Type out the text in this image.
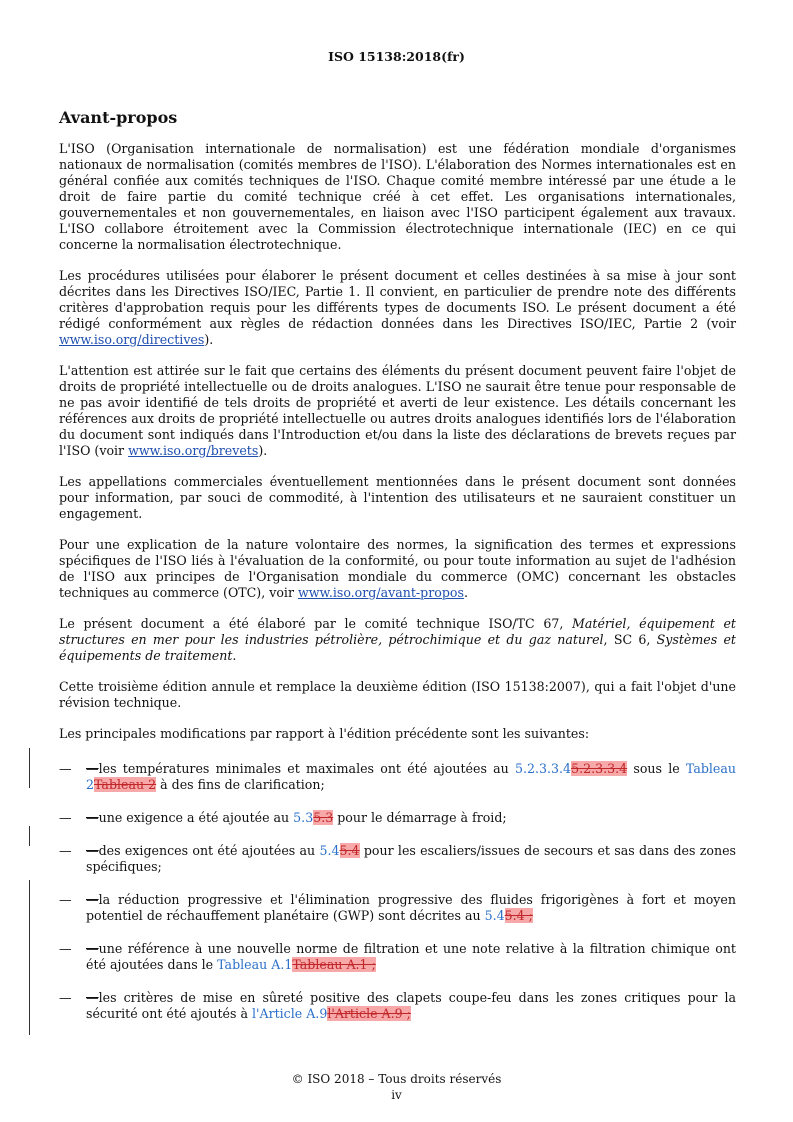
ISO 15138:2018(fr)
Avant-propos

L'ISO (Organisation internationale de normalisation) est une fédération mondiale d'organismes nationaux de normalisation (comités membres de l'ISO). L'élaboration des Normes internationales est en général confiée aux comités techniques de l'ISO. Chaque comité membre intéressé par une étude a le droit de faire partie du comité technique créé à cet effet. Les organisations internationales, gouvernementales et non gouvernementales, en liaison avec l'ISO participent également aux travaux. L'ISO collabore étroitement avec la Commission électrotechnique internationale (IEC) en ce qui concerne la normalisation électrotechnique.

Les procédures utilisées pour élaborer le présent document et celles destinées à sa mise à jour sont décrites dans les Directives ISO/IEC, Partie 1. Il convient, en particulier de prendre note des différents critères d'approbation requis pour les différents types de documents ISO. Le présent document a été rédigé conformément aux règles de rédaction données dans les Directives ISO/IEC, Partie 2 (voir www.iso.org/directives).

L'attention est attirée sur le fait que certains des éléments du présent document peuvent faire l'objet de droits de propriété intellectuelle ou de droits analogues. L'ISO ne saurait être tenue pour responsable de ne pas avoir identifié de tels droits de propriété et averti de leur existence. Les détails concernant les références aux droits de propriété intellectuelle ou autres droits analogues identifiés lors de l'élaboration du document sont indiqués dans l'Introduction et/ou dans la liste des déclarations de brevets reçues par l'ISO (voir www.iso.org/brevets).

Les appellations commerciales éventuellement mentionnées dans le présent document sont données pour information, par souci de commodité, à l'intention des utilisateurs et ne sauraient constituer un engagement.

Pour une explication de la nature volontaire des normes, la signification des termes et expressions spécifiques de l'ISO liés à l'évaluation de la conformité, ou pour toute information au sujet de l'adhésion de l'ISO aux principes de l'Organisation mondiale du commerce (OMC) concernant les obstacles techniques au commerce (OTC), voir www.iso.org/avant-propos.

Le présent document a été élaboré par le comité technique ISO/TC 67, Matériel, équipement et structures en mer pour les industries pétrolière, pétrochimique et du gaz naturel, SC 6, Systèmes et équipements de traitement.

Cette troisième édition annule et remplace la deuxième édition (ISO 15138:2007), qui a fait l'objet d'une révision technique.

Les principales modifications par rapport à l'édition précédente sont les suivantes:

— —les températures minimales et maximales ont été ajoutées au 5.2.3.3.45.2.3.3.4 sous le Tableau 2Tableau 2 à des fins de clarification;
— —une exigence a été ajoutée au 5.35.3 pour le démarrage à froid;
— —des exigences ont été ajoutées au 5.45.4 pour les escaliers/issues de secours et sas dans des zones spécifiques;
— —la réduction progressive et l'élimination progressive des fluides frigorigènes à fort et moyen potentiel de réchauffement planétaire (GWP) sont décrites au 5.45.4 ;
— —une référence à une nouvelle norme de filtration et une note relative à la filtration chimique ont été ajoutées dans le Tableau A.1Tableau A.1 ;
— —les critères de mise en sûreté positive des clapets coupe-feu dans les zones critiques pour la sécurité ont été ajoutés à l'Article A.9l'Article A.9 ;
© ISO 2018 – Tous droits réservés
iv
